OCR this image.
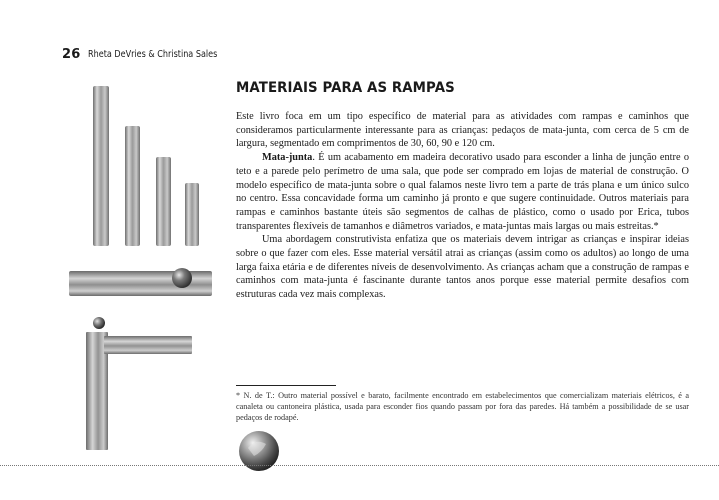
26 Rheta DeVries & Christina Sales
MATERIAIS PARA AS RAMPAS

Este livro foca em um tipo específico de material para as atividades com rampas e caminhos que consideramos particularmente interessante para as crianças: pedaços de mata-junta, com cerca de 5 cm de largura, segmentado em comprimentos de 30, 60, 90 e 120 cm.

Mata-junta. É um acabamento em madeira decorativo usado para esconder a linha de junção entre o teto e a parede pelo perímetro de uma sala, que pode ser comprado em lojas de material de construção. O modelo específico de mata-junta sobre o qual falamos neste livro tem a parte de trás plana e um único sulco no centro. Essa concavidade forma um caminho já pronto e que sugere continuidade. Outros materiais para rampas e caminhos bastante úteis são segmentos de calhas de plástico, como o usado por Erica, tubos transparentes flexíveis de tamanhos e diâmetros variados, e mata-juntas mais largas ou mais estreitas.*

Uma abordagem construtivista enfatiza que os materiais devem intrigar as crianças e inspirar ideias sobre o que fazer com eles. Esse material versátil atrai as crianças (assim como os adultos) ao longo de uma larga faixa etária e de diferentes níveis de desenvolvimento. As crianças acham que a construção de rampas e caminhos com mata-junta é fascinante durante tantos anos porque esse material permite desafios com estruturas cada vez mais complexas.

* N. de T.: Outro material possível e barato, facilmente encontrado em estabelecimentos que comercializam materiais elétricos, é a canaleta ou cantoneira plástica, usada para esconder fios quando passam por fora das paredes. Há também a possibilidade de se usar pedaços de rodapé.
